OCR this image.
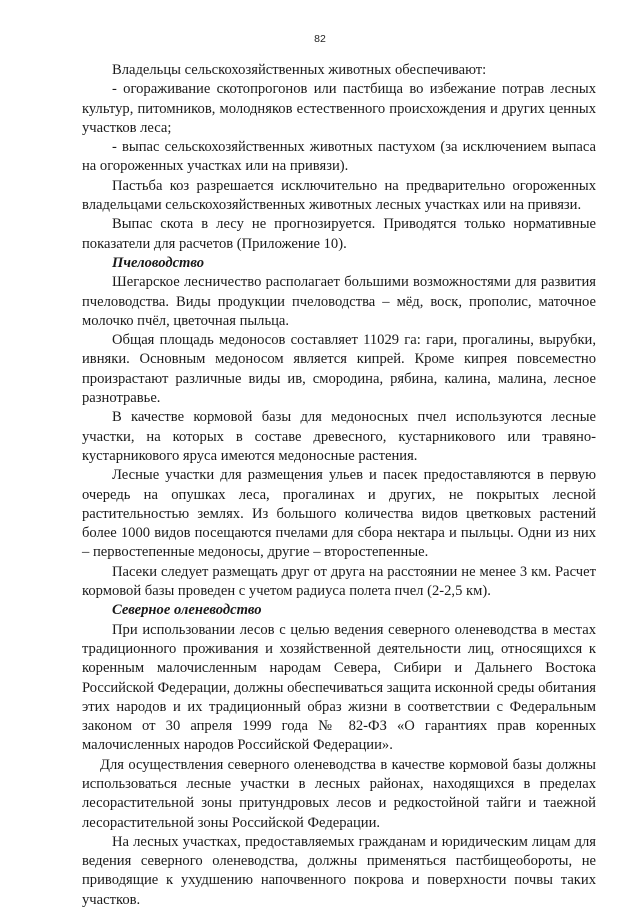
82

Владельцы сельскохозяйственных животных обеспечивают:

- огораживание скотопрогонов или пастбища во избежание потрав лесных культур, питомников, молодняков естественного происхождения и других ценных участков леса;

- выпас сельскохозяйственных животных пастухом (за исключением выпаса на огороженных участках или на привязи).

Пастьба коз разрешается исключительно на предварительно огороженных владельцами сельскохозяйственных животных лесных участках или на привязи.

Выпас скота в лесу не прогнозируется. Приводятся только нормативные показатели для расчетов (Приложение 10).

Пчеловодство

Шегарское лесничество располагает большими возможностями для развития пчеловодства. Виды продукции пчеловодства – мёд, воск, прополис, маточное молочко пчёл, цветочная пыльца.

Общая площадь медоносов составляет 11029 га: гари, прогалины, вырубки, ивняки. Основным медоносом является кипрей. Кроме кипрея повсеместно произрастают различные виды ив, смородина, рябина, калина, малина, лесное разнотравье.

В качестве кормовой базы для медоносных пчел используются лесные участки, на которых в составе древесного, кустарникового или травяно-кустарникового яруса имеются медоносные растения.

Лесные участки для размещения ульев и пасек предоставляются в первую очередь на опушках леса, прогалинах и других, не покрытых лесной растительностью землях. Из большого количества видов цветковых растений более 1000 видов посещаются пчелами для сбора нектара и пыльцы. Одни из них – первостепенные медоносы, другие – второстепенные.

Пасеки следует размещать друг от друга на расстоянии не менее 3 км. Расчет кормовой базы проведен с учетом радиуса полета пчел (2-2,5 км).

Северное оленеводство

При использовании лесов с целью ведения северного оленеводства в местах традиционного проживания и хозяйственной деятельности лиц, относящихся к коренным малочисленным народам Севера, Сибири и Дальнего Востока Российской Федерации, должны обеспечиваться защита исконной среды обитания этих народов и их традиционный образ жизни в соответствии с Федеральным законом от 30 апреля 1999 года № 82-ФЗ «О гарантиях прав коренных малочисленных народов Российской Федерации».

Для осуществления северного оленеводства в качестве кормовой базы должны использоваться лесные участки в лесных районах, находящихся в пределах лесорастительной зоны притундровых лесов и редкостойной тайги и таежной лесорастительной зоны Российской Федерации.

На лесных участках, предоставляемых гражданам и юридическим лицам для ведения северного оленеводства, должны применяться пастбищеобороты, не приводящие к ухудшению напочвенного покрова и поверхности почвы таких участков.
